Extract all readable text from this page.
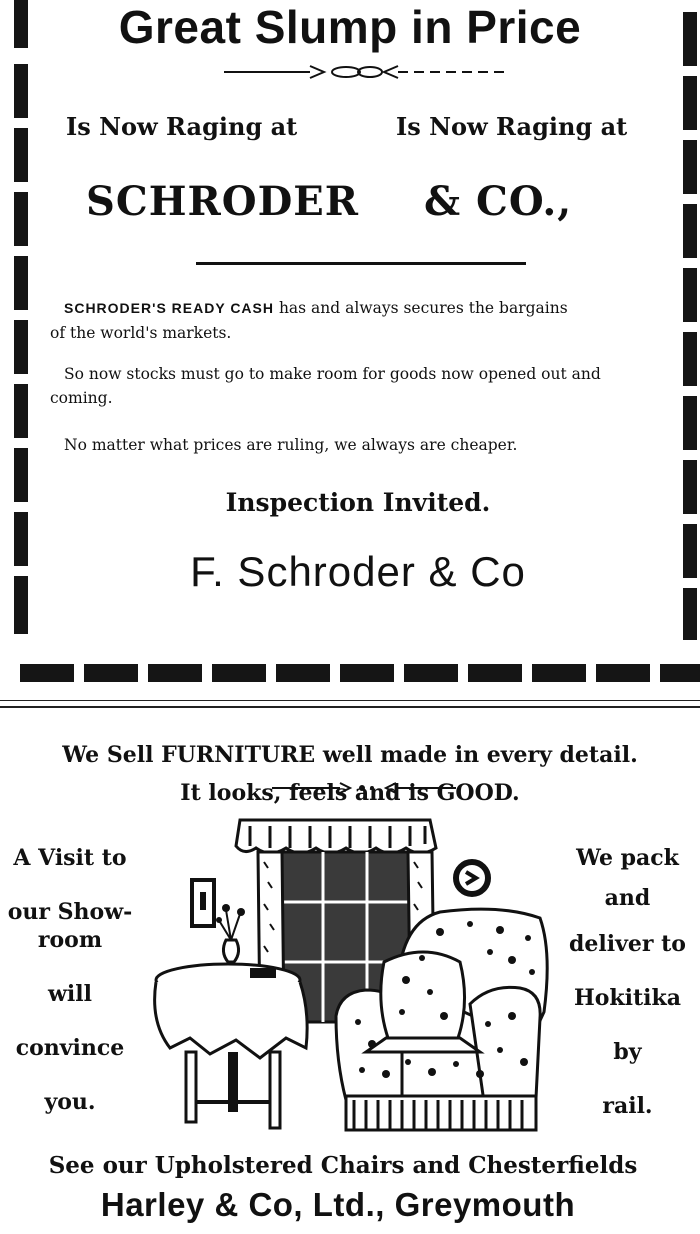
Great Slump in Price
Is Now Raging at	Is Now Raging at
SCHRODER & CO.,
SCHRODER'S READY CASH has and always secures the bargains
of the world's markets.
So now stocks must go to make room for goods now opened out and
coming.
No matter what prices are ruling, we always are cheaper.
Inspection Invited.
F. Schroder & Co
We Sell FURNITURE well made in every detail.
It looks, feels and is GOOD.
A Visit to
our Show-
room
will
convince
you.
We pack
and
deliver to
Hokitika
by
rail.
See our Upholstered Chairs and Chesterfields
Harley & Co, Ltd., Greymouth
